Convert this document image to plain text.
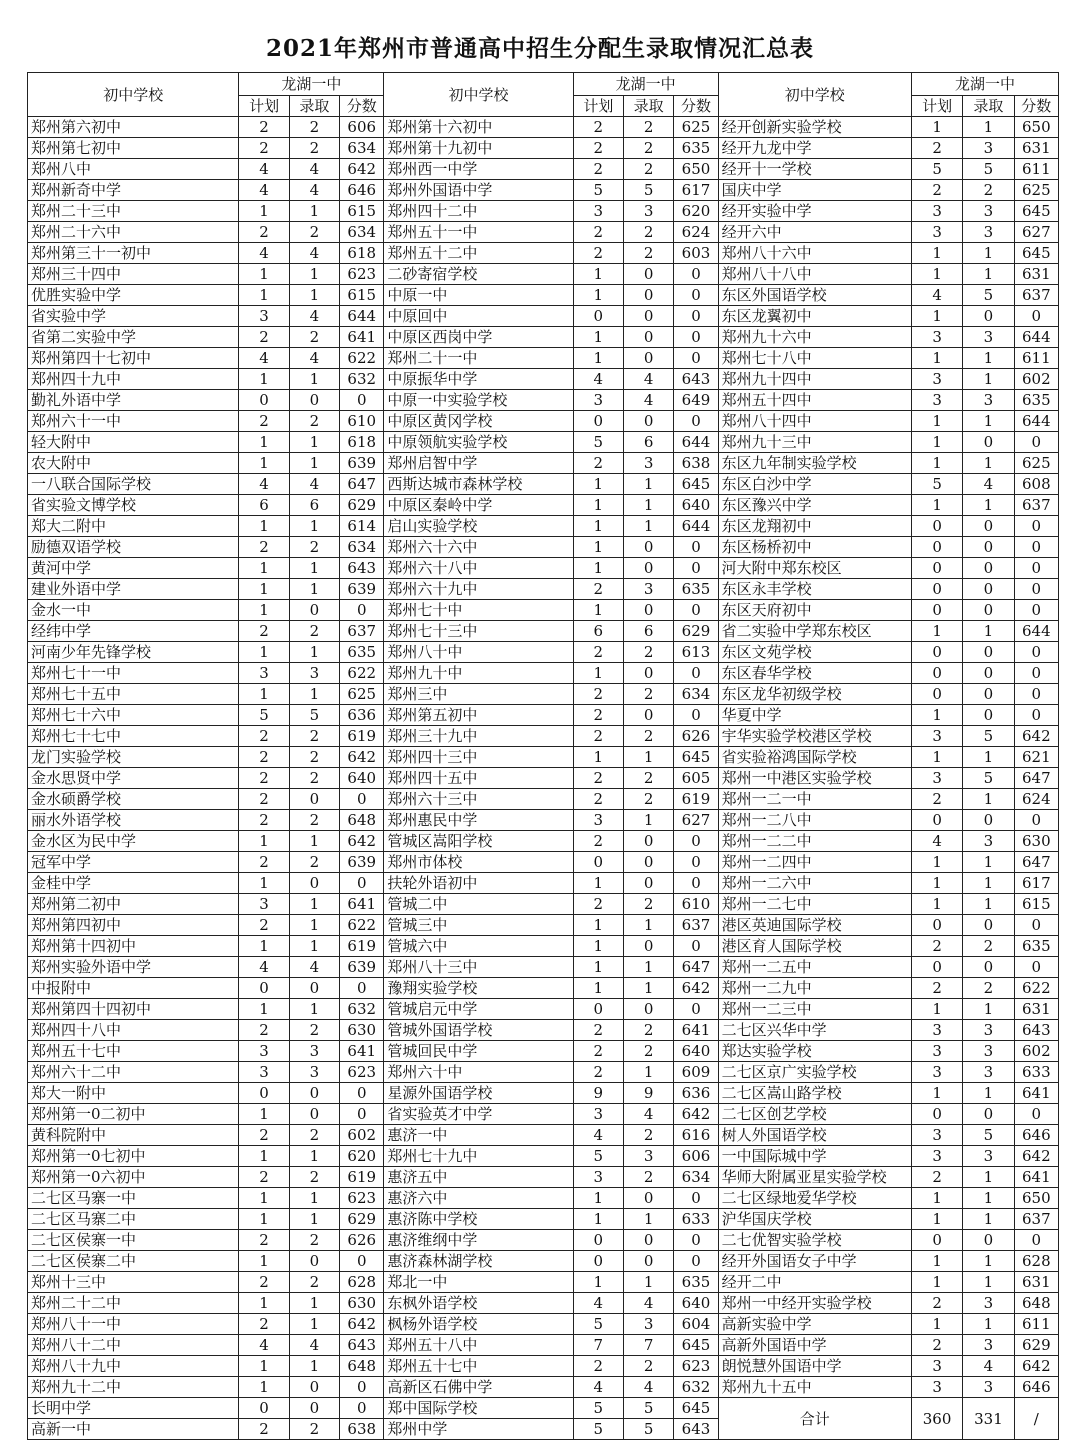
2021年郑州市普通高中招生分配生录取情况汇总表
初中学校	龙湖一中			初中学校	龙湖一中			初中学校	龙湖一中		
	计划	录取	分数		计划	录取	分数		计划	录取	分数
郑州第六初中	2	2	606	郑州第十六初中	2	2	625	经开创新实验学校	1	1	650
郑州第七初中	2	2	634	郑州第十九初中	2	2	635	经开九龙中学	2	3	631
郑州八中	4	4	642	郑州西一中学	2	2	650	经开十一学校	5	5	611
郑州新奇中学	4	4	646	郑州外国语中学	5	5	617	国庆中学	2	2	625
郑州二十三中	1	1	615	郑州四十二中	3	3	620	经开实验中学	3	3	645
郑州二十六中	2	2	634	郑州五十一中	2	2	624	经开六中	3	3	627
郑州第三十一初中	4	4	618	郑州五十二中	2	2	603	郑州八十六中	1	1	645
郑州三十四中	1	1	623	二砂寄宿学校	1	0	0	郑州八十八中	1	1	631
优胜实验中学	1	1	615	中原一中	1	0	0	东区外国语学校	4	5	637
省实验中学	3	4	644	中原回中	0	0	0	东区龙翼初中	1	0	0
省第二实验中学	2	2	641	中原区西岗中学	1	0	0	郑州九十六中	3	3	644
郑州第四十七初中	4	4	622	郑州二十一中	1	0	0	郑州七十八中	1	1	611
郑州四十九中	1	1	632	中原振华中学	4	4	643	郑州九十四中	3	1	602
勤礼外语中学	0	0	0	中原一中实验学校	3	4	649	郑州五十四中	3	3	635
郑州六十一中	2	2	610	中原区黄冈学校	0	0	0	郑州八十四中	1	1	644
轻大附中	1	1	618	中原领航实验学校	5	6	644	郑州九十三中	1	0	0
农大附中	1	1	639	郑州启智中学	2	3	638	东区九年制实验学校	1	1	625
一八联合国际学校	4	4	647	西斯达城市森林学校	1	1	645	东区白沙中学	5	4	608
省实验文博学校	6	6	629	中原区秦岭中学	1	1	640	东区豫兴中学	1	1	637
郑大二附中	1	1	614	启山实验学校	1	1	644	东区龙翔初中	0	0	0
励德双语学校	2	2	634	郑州六十六中	1	0	0	东区杨桥初中	0	0	0
黄河中学	1	1	643	郑州六十八中	1	0	0	河大附中郑东校区	0	0	0
建业外语中学	1	1	639	郑州六十九中	2	3	635	东区永丰学校	0	0	0
金水一中	1	0	0	郑州七十中	1	0	0	东区天府初中	0	0	0
经纬中学	2	2	637	郑州七十三中	6	6	629	省二实验中学郑东校区	1	1	644
河南少年先锋学校	1	1	635	郑州八十中	2	2	613	东区文苑学校	0	0	0
郑州七十一中	3	3	622	郑州九十中	1	0	0	东区春华学校	0	0	0
郑州七十五中	1	1	625	郑州三中	2	2	634	东区龙华初级学校	0	0	0
郑州七十六中	5	5	636	郑州第五初中	2	0	0	华夏中学	1	0	0
郑州七十七中	2	2	619	郑州三十九中	2	2	626	宇华实验学校港区学校	3	5	642
龙门实验学校	2	2	642	郑州四十三中	1	1	645	省实验裕鸿国际学校	1	1	621
金水思贤中学	2	2	640	郑州四十五中	2	2	605	郑州一中港区实验学校	3	5	647
金水硕爵学校	2	0	0	郑州六十三中	2	2	619	郑州一二一中	2	1	624
丽水外语学校	2	2	648	郑州惠民中学	3	1	627	郑州一二八中	0	0	0
金水区为民中学	1	1	642	管城区嵩阳学校	2	0	0	郑州一二二中	4	3	630
冠军中学	2	2	639	郑州市体校	0	0	0	郑州一二四中	1	1	647
金桂中学	1	0	0	扶轮外语初中	1	0	0	郑州一二六中	1	1	617
郑州第二初中	3	1	641	管城二中	2	2	610	郑州一二七中	1	1	615
郑州第四初中	2	1	622	管城三中	1	1	637	港区英迪国际学校	0	0	0
郑州第十四初中	1	1	619	管城六中	1	0	0	港区育人国际学校	2	2	635
郑州实验外语中学	4	4	639	郑州八十三中	1	1	647	郑州一二五中	0	0	0
中报附中	0	0	0	豫翔实验学校	1	1	642	郑州一二九中	2	2	622
郑州第四十四初中	1	1	632	管城启元中学	0	0	0	郑州一二三中	1	1	631
郑州四十八中	2	2	630	管城外国语学校	2	2	641	二七区兴华中学	3	3	643
郑州五十七中	3	3	641	管城回民中学	2	2	640	郑达实验学校	3	3	602
郑州六十二中	3	3	623	郑州六十中	2	1	609	二七区京广实验学校	3	3	633
郑大一附中	0	0	0	星源外国语学校	9	9	636	二七区嵩山路学校	1	1	641
郑州第一0二初中	1	0	0	省实验英才中学	3	4	642	二七区创艺学校	0	0	0
黄科院附中	2	2	602	惠济一中	4	2	616	树人外国语学校	3	5	646
郑州第一0七初中	1	1	620	郑州七十九中	5	3	606	一中国际城中学	3	3	642
郑州第一0六初中	2	2	619	惠济五中	3	2	634	华师大附属亚星实验学校	2	1	641
二七区马寨一中	1	1	623	惠济六中	1	0	0	二七区绿地爱华学校	1	1	650
二七区马寨二中	1	1	629	惠济陈中学校	1	1	633	沪华国庆学校	1	1	637
二七区侯寨一中	2	2	626	惠济维纲中学	0	0	0	二七优智实验学校	0	0	0
二七区侯寨二中	1	0	0	惠济森林湖学校	0	0	0	经开外国语女子中学	1	1	628
郑州十三中	2	2	628	郑北一中	1	1	635	经开二中	1	1	631
郑州二十二中	1	1	630	东枫外语学校	4	4	640	郑州一中经开实验学校	2	3	648
郑州八十一中	2	1	642	枫杨外语学校	5	3	604	高新实验中学	1	1	611
郑州八十二中	4	4	643	郑州五十八中	7	7	645	高新外国语中学	2	3	629
郑州八十九中	1	1	648	郑州五十七中	2	2	623	朗悦慧外国语中学	3	4	642
郑州九十二中	1	0	0	高新区石佛中学	4	4	632	郑州九十五中	3	3	646
长明中学	0	0	0	郑中国际学校	5	5	645	合计	360	331	/
高新一中	2	2	638	郑州中学	5	5	643				
